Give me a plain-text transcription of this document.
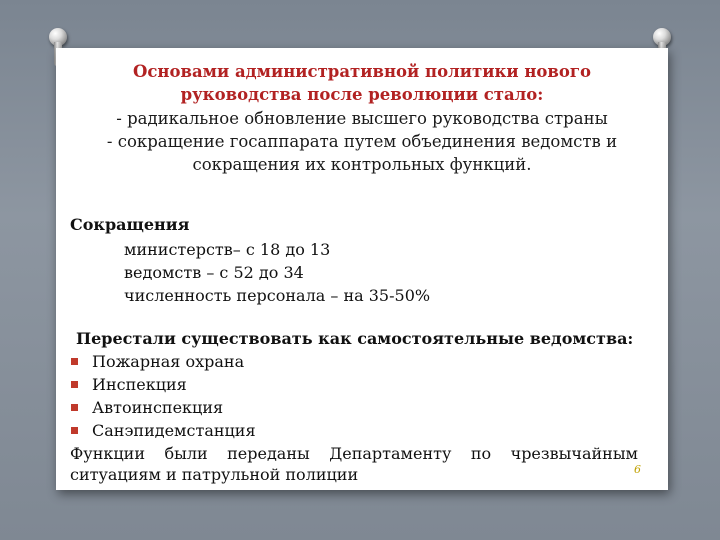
Основами административной политики нового
руководства после революции стало:
- радикальное обновление высшего руководства страны
- сокращение госаппарата путем объединения ведомств и
сокращения их контрольных функций.
Сокращения
министерств– с 18 до 13
ведомств – с 52 до 34
численность персонала – на 35-50%
Перестали существовать как самостоятельные ведомства:
Пожарная охрана
Инспекция
Автоинспекция
Санэпидемстанция
Функции были переданы Департаменту по чрезвычайным ситуациям и патрульной полиции	6
